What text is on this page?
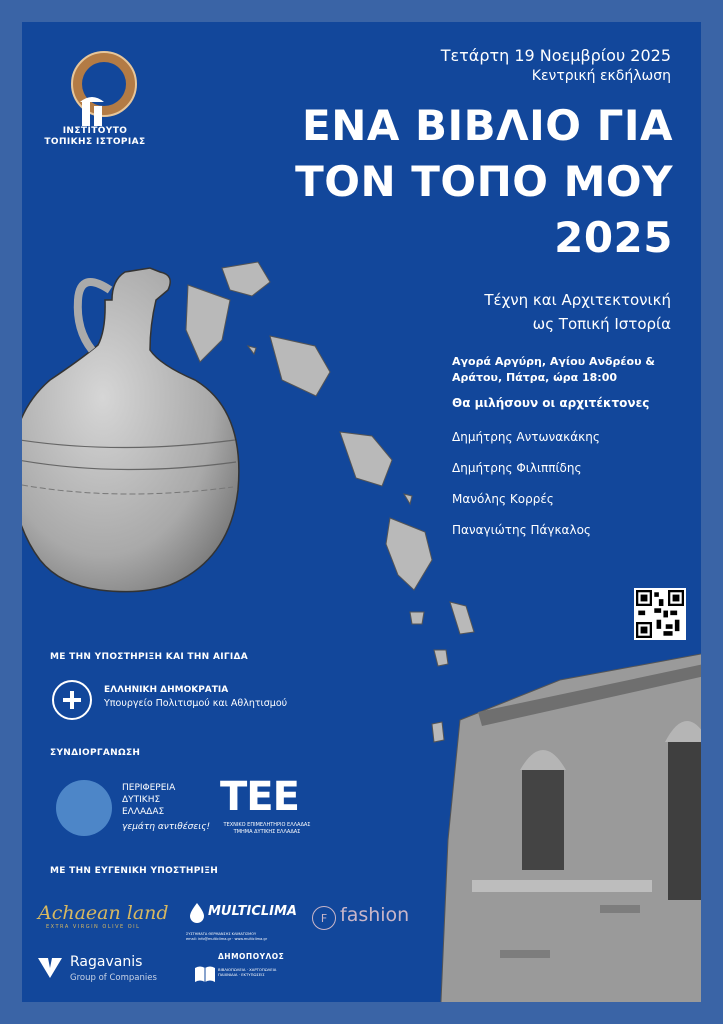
ΙΝΣΤΙΤΟΥΤΟ
ΤΟΠΙΚΗΣ ΙΣΤΟΡΙΑΣ
Τετάρτη 19 Νοεμβρίου 2025
Κεντρική εκδήλωση
ΕΝΑ ΒΙΒΛΙΟ ΓΙΑ
ΤΟΝ ΤΟΠΟ ΜΟΥ
2025
Τέχνη και Αρχιτεκτονική
ως Τοπική Ιστορία
Αγορά Αργύρη, Αγίου Ανδρέου &
Αράτου, Πάτρα, ώρα 18:00
Θα μιλήσουν οι αρχιτέκτονες
Δημήτρης Αντωνακάκης
Δημήτρης Φιλιππίδης
Μανόλης Κορρές
Παναγιώτης Πάγκαλος
ΜΕ ΤΗΝ ΥΠΟΣΤΗΡΙΞΗ ΚΑΙ ΤΗΝ ΑΙΓΙΔΑ
ΕΛΛΗΝΙΚΗ ΔΗΜΟΚΡΑΤΙΑ
Υπουργείο Πολιτισμού και Αθλητισμού
ΣΥΝΔΙΟΡΓΑΝΩΣΗ
ΠΕΡΙΦΕΡΕΙΑ
ΔΥΤΙΚΗΣ
ΕΛΛΑΔΑΣ
γεμάτη αντιθέσεις!
ΤΕΕ
ΤΕΧΝΙΚΟ ΕΠΙΜΕΛΗΤΗΡΙΟ ΕΛΛΑΔΑΣ
ΤΜΗΜΑ ΔΥΤΙΚΗΣ ΕΛΛΑΔΑΣ
ΜΕ ΤΗΝ ΕΥΓΕΝΙΚΗ ΥΠΟΣΤΗΡΙΞΗ
Achaean land
EXTRA VIRGIN OLIVE OIL
MULTICLIMA
ΣΥΣΤΗΜΑΤΑ ΘΕΡΜΑΝΣΗΣ ΚΛΙΜΑΤΙΣΜΟΥ
email: info@multiclima.gr · www.multiclima.gr
F fashion
Ragavanis
Group of Companies
ΔΗΜΟΠΟΥΛΟΣ
ΒΙΒΛΙΟΠΩΛΕΙΑ · ΧΑΡΤΟΠΩΛΕΙΑ
ΠΑΙΧΝΙΔΙΑ · ΕΚΤΥΠΩΣΕΙΣ
